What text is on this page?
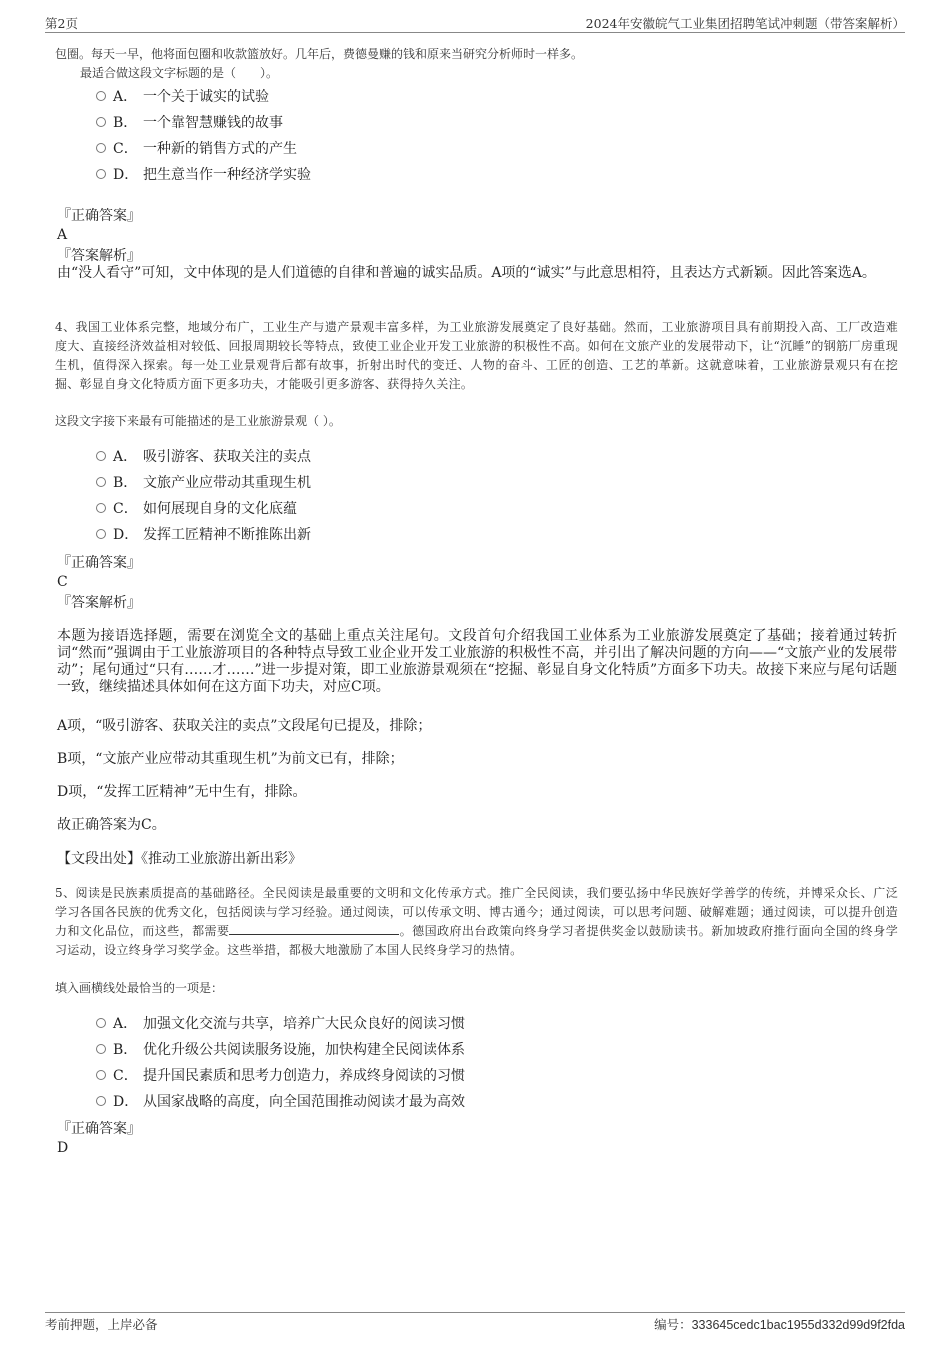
第2页	2024年安徽皖气工业集团招聘笔试冲刺题（带答案解析）
包圈。每天一早，他将面包圈和收款篮放好。几年后，费德曼赚的钱和原来当研究分析师时一样多。
最适合做这段文字标题的是（　　）。
A． 一个关于诚实的试验
B． 一个靠智慧赚钱的故事
C． 一种新的销售方式的产生
D． 把生意当作一种经济学实验
『正确答案』
A
『答案解析』
由“没人看守”可知，文中体现的是人们道德的自律和普遍的诚实品质。A项的“诚实”与此意思相符，且表达方式新颖。因此答案选A。
4、我国工业体系完整，地域分布广，工业生产与遗产景观丰富多样，为工业旅游发展奠定了良好基础。然而，工业旅游项目具有前期投入高、工厂改造难度大、直接经济效益相对较低、回报周期较长等特点，致使工业企业开发工业旅游的积极性不高。如何在文旅产业的发展带动下，让“沉睡”的钢筋厂房重现生机，值得深入探索。每一处工业景观背后都有故事，折射出时代的变迁、人物的奋斗、工匠的创造、工艺的革新。这就意味着，工业旅游景观只有在挖掘、彰显自身文化特质方面下更多功夫，才能吸引更多游客、获得持久关注。
这段文字接下来最有可能描述的是工业旅游景观（ ）。
A． 吸引游客、获取关注的卖点
B． 文旅产业应带动其重现生机
C． 如何展现自身的文化底蕴
D． 发挥工匠精神不断推陈出新
『正确答案』
C
『答案解析』
本题为接语选择题，需要在浏览全文的基础上重点关注尾句。文段首句介绍我国工业体系为工业旅游发展奠定了基础；接着通过转折词“然而”强调由于工业旅游项目的各种特点导致工业企业开发工业旅游的积极性不高，并引出了解决问题的方向——“文旅产业的发展带动”；尾句通过“只有……才……”进一步提对策，即工业旅游景观须在“挖掘、彰显自身文化特质”方面多下功夫。故接下来应与尾句话题一致，继续描述具体如何在这方面下功夫，对应C项。
A项，“吸引游客、获取关注的卖点”文段尾句已提及，排除；
B项，“文旅产业应带动其重现生机”为前文已有，排除；
D项，“发挥工匠精神”无中生有，排除。
故正确答案为C。
【文段出处】《推动工业旅游出新出彩》
5、阅读是民族素质提高的基础路径。全民阅读是最重要的文明和文化传承方式。推广全民阅读，我们要弘扬中华民族好学善学的传统，并博采众长、广泛学习各国各民族的优秀文化，包括阅读与学习经验。通过阅读，可以传承文明、博古通今；通过阅读，可以思考问题、破解难题；通过阅读，可以提升创造力和文化品位，而这些，都需要	。德国政府出台政策向终身学习者提供奖金以鼓励读书。新加坡政府推行面向全国的终身学习运动，设立终身学习奖学金。这些举措，都极大地激励了本国人民终身学习的热情。
填入画横线处最恰当的一项是：
A． 加强文化交流与共享，培养广大民众良好的阅读习惯
B． 优化升级公共阅读服务设施，加快构建全民阅读体系
C． 提升国民素质和思考力创造力，养成终身阅读的习惯
D． 从国家战略的高度，向全国范围推动阅读才最为高效
『正确答案』
D
考前押题，上岸必备	编号：333645cedc1bac1955d332d99d9f2fda
